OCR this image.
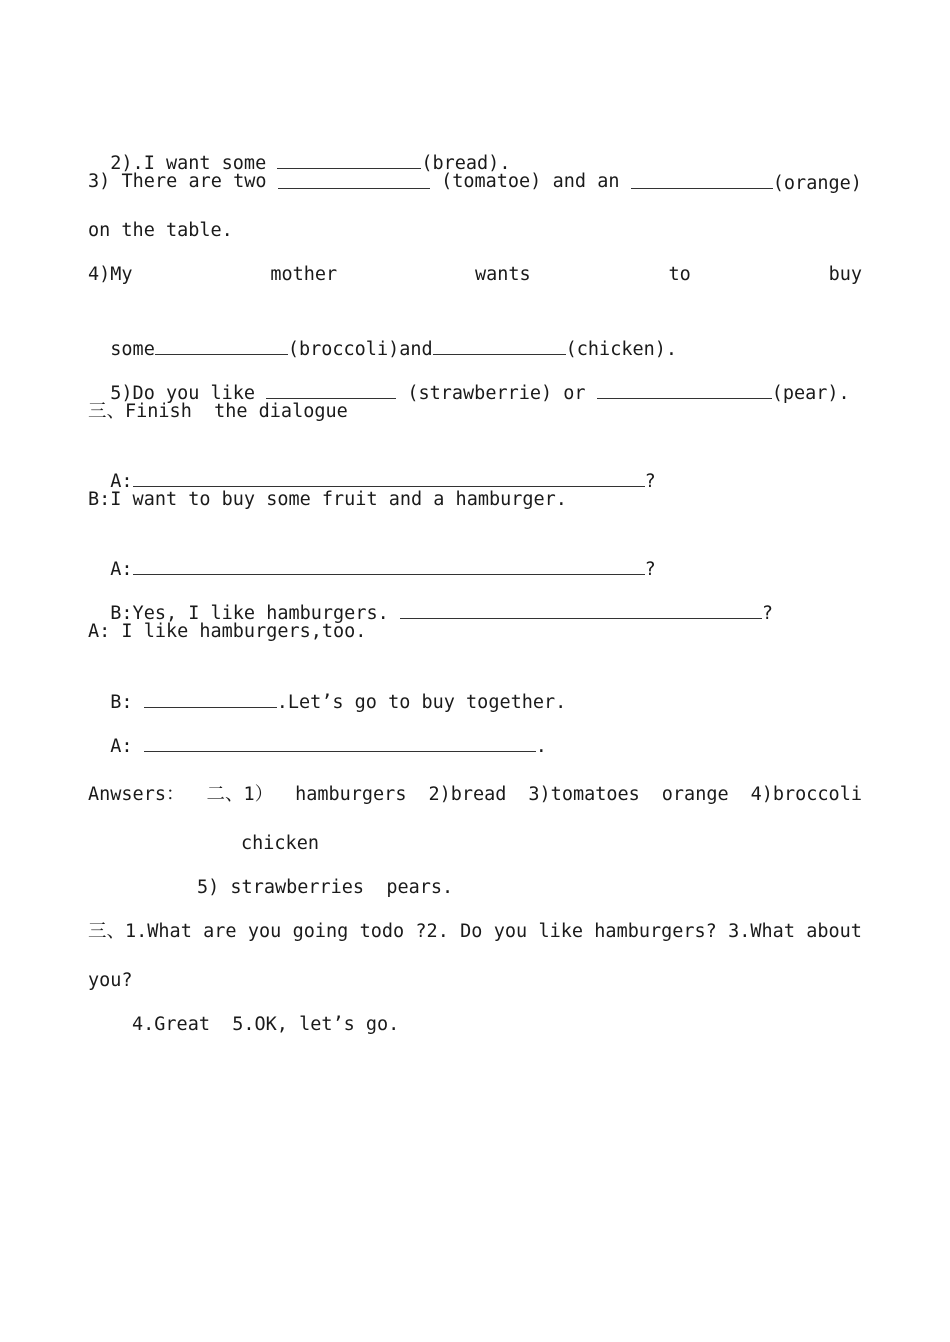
2).I want some	(bread).

3) There are two	(tomatoe) and an	(orange)
on the table.
4)My	mother	wants	to	buy

some	(broccoli)and	(chicken).

5)Do you like	(strawberrie) or	(pear).

三、Finish  the dialogue

A:	?

B:I want to buy some fruit and a hamburger.

A:	?

B:Yes, I like hamburgers.	?

A: I like hamburgers,too.

B:	.Let’s go to buy together.

A:	.

Anwsers： 二、1） hamburgers 2)bread 3)tomatoes orange 4)broccoli
chicken
5) strawberries  pears.
三、1.What are you going todo ?2. Do you like hamburgers? 3.What about
you?
4.Great  5.OK, let’s go.
